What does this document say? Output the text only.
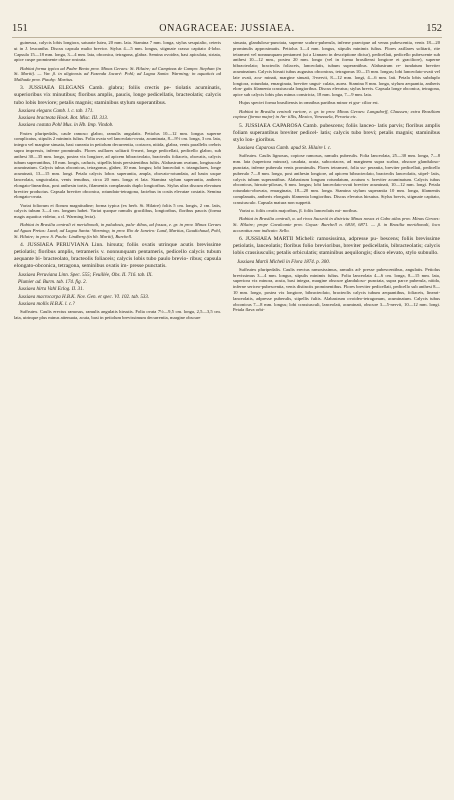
151	ONAGRACEAE: JUSSIAEA.	152

guineusa, calycis lobis longiora, saturate lutea, 20 mm. lata. Stamina 7 mm. longa, stylus sesquialto, ceteris ut in J. leucantha. Discus capsula multo brevior. Stylus 4—5 mm. longus, stigmate crasso capitato 4-lobo. Capsula 15—18 mm. longa, 3—4 mm. lata, obconica, tetragona, glabra. Semina ovoidea, basi apiculata, striata, apice cuspe prominente obtuse rostrata.

Habitat forma typica ad Padre Bento prov. Minas Geraes: St. Hilaire; ad Campinas de Campo: Stephan (in St. Martii). — Var. β. in uliginosis ad Fazenda Jacaré: Pohl; ad Lagoa Santa: Warming; in aquaticis ad Malhada prov. Piauhy: Martius.

3. JUSSIAEA ELEGANS Camb. glabra; foliis crectis pe- tiolatis acuminatis, superioribus vix minutibus; floribus amplis, paucis, longe pedicellatis, bracteolatis; calycis tubo lobis breviore; petalis magnis; staminibus stylum superantibus.

Jussiaea elegans Camb. l. c. tab. 171.

Jussiaea bracteata Hook. Bot. Misc. III. 313.

Jussiaea costata Pohl Mus. in Hb. Imp. Vindob.

Frutex pluripedalis, caule ramoso glabro, ramulis angulatis. Petiolus 10—12 mm. longus superne complicatus, stipulis 2 minimis fultus. Folia ovata vel lanceolato-ovata, acuminata, 8—9½ cm. longa, 3 cm. lata, integra vel margine sinuata, basi cuneata in petiolum decurrentia, coriacea, nitida, glabra, venis parallelis crebris supra impressis, inferne prominulis. Flores axillares solitarii 6-meri, longe pedicellati, pedicello glabro, sub anthesi 30—35 mm. longo, postea vix longiore, ad apicem bibracteolato, bracteolis foliaceis, obovatis, calycis tubum superantibus, 10 mm. longis, caducis, stipellis binis persistentibus fultis. Alabastrum ovatum, longiuscule acuminatum. Calycis tubus obconicus, tetragonus, glaber, 10 mm. longus; lobi lanceolati v. triangulares, longe acuminati, 13—15 mm. longi. Petala calycis lobos superantia, ampla, obovato-rotundata, ad basin usque lanceolata, unguiculata, venis tenuibus, circa 20 mm. longa et lata. Stamina stylum superantia, antheris elongato-linearibus, post anthesin tortis, filamentis complanatis duplo longioribus. Stylus ultra discum elevatum breviter productus. Capsula breviter obconica, rotundato-tetragona, faciebus in costis elevatae costatis. Semina elongato-ovata.

Variat foliorum et florum magnitudine; forma typica (ex herb. St. Hilaire) foliis 5 cm. longis, 2 cm. latis, calycis tubum 3—4 cm. longum habet. Variat quoque ramulis gracilibus, longioribus, floribus paucis (forma magis aquatica videtur, a cl. Warming lecta).

Habitat in Brasilia centrali et meridionali, in paludosis, palu- dibus, ad fossas, e. gr. in prov. Minas Geraes ad Aguas Pretas: Lund; ad Lagoa Santa: Warming; in prov. Rio de Janeiro: Lund, Martius, Gaudichaud, Pohl, St. Hilaire; in prov. S. Paulo: Lindberg (in hb. Martii), Burchell.

4. JUSSIAEA PERUVIANA Linn. hirsuta; foliis ovatis utrinque acutis brevissime petiolatis; floribus amplis, tetrameris v. nonnunquam pentameris, pedicello calycis tubum aequante bi- bracteolato, bracteolis foliaceis; calycis lobis tubo paulo brevio- ribus; capsula elongato-obconica, tetragona, seminibus ovatis im- presse punctatis.

Jussiaea Peruviana Linn. Spec. 555; Feuillée, Obs. II. 716. tab. IX.

Plumier ad. Burm. tab. 174. fig. 2.

Jussiaea hirta Vahl Eclog. II. 31.

Jussiaea macrocarpa H.B.K. Nov. Gen. et spec. VI. 102. tab. 533.

Jussiaea mollis H.B.K. l. c.?

Suffrutex. Caulis erectus ramosus, ramulis angulatis hirsutis. Folia ovata 7½—9,5 cm. longa, 2,5—3,5 cm. lata, utrinque plus minus attenuata, acuta, basi in petiolum brevissimum decurrentia, margine obscure

sinuata, glanduloso-punctata, superne scabro-puberula, inferne praecipue ad venas pubescentia, venis 18—20 prominulis approximatis. Petiolus 3—4 mm. longus, stipulis minimis fultus. Flores axillares solitarii, rite tetrameri vel nonnunquam pentameri (ut a Linnaeo in descriptione dictur), pedicellati, pedicello pubescente sub anthesi 10—12 mm., postea 20 mm. longo (vel in forma brasiliensi longiore et graciliore), superne bibracteolato; bracteolis foliaceis, lanceolatis, tubum superantibus. Alabastrum re- tundatum breviter acuminatum. Calycis hirsuti tubus augustus obconicus, tetragonus 10—15 mm. longus; lobi lanceolato-ovati vel late ovati, acu- minati, margine sinuati, 3-nervii, 8—12 mm. longi, 4—6 mm. lati. Petala lobis subduplo longiora, rotundata, emarginata, breviter ungui- culata, aurea. Stamina 8 mm. longa, stylum aequantia, antheris elon- gatis filamenta crassiuscula longioribus. Discus elevatus; stylus brevis. Capsula longe obconica, tetragona, apice sub calycis lobis plus minus constricta, 18 mm. longa, 7—9 mm. lata.

Hujus speciei forma brasiliensis in omnibus partibus minor et gra- cilior est.

Habitat in Brasilia centrali rariore, e. gr. in prov. Minas Geraes: Langsdorff, Claussen; extra Brasiliam copiose (forma major) in An- tillis, Mexico, Venezuela, Peruvia etc.

5. JUSSIAEA CAPAROSA Camb. pubescens; foliis lanceo- latis parvis; floribus amplis foliam superantibus breviter pedicel- latis; calycis tubo brevi; petalis magnis; staminibus stylo lon- gioribus.

Jussiaea Caparosa Camb. apud St. Hilaire l. c.

Suffrutex. Caulis lignosus, copiose ramosus, ramulis puberulis. Folia lanceolata, 25—30 mm. longa, 7—8 mm. lata (superiora minora), caudata, acuta, subcoriacea, ad marginem supra scabra, obscure glanduloso- punctata, inferne puberula venis prominulis. Flores tetrameri, folia su- perantia, breviter pedicellati, pedicello puberulo 7—8 mm. longo, post anthesin longiore, ad apicem bibracteolato, bracteolis lanceolatis, stipel- latis, calycis tubum superantibus. Alabastrum longum rotundatum, acutum v. breviter acuminatum. Calycis tubus obconicus, hirsuto-pilosus, 6 mm. longus; lobi lanceolato-ovati breviter acuminati, 10—12 mm. longi. Petala rotundato-obovata, emarginata, 18—20 mm. longa. Stamina stylum superantia 10 mm. longa, filamentis complanatis, antheris elongatis filamenta longioribus. Discus elevatus hirsutus. Stylus brevis, stigmate capitato, crassiusculo. Capsula matura non suppetit.

Variat α. foliis ovatis majoribus, β. foliis lanceolatis mi- noribus.

Habitat in Brasilia centrali, α. ad rivos Sucuriú in districtu Minas novas et Cabo atlas prov. Minas Geraes: St. Hilaire; prope Cavalcante prov. Goyaz: Burchell n. 6818, 6871. — β. in Brasilia meridionali, loco accuratius non indicato: Sello.

6. JUSSIAEA MARTII Micheli: ramosissima, adpresse pu- bescens; foliis brevissime petiolatis, lanceolatis; floribus folio brevioribus, breviter pedicellatis, bibracteolatis; calycis lobis crassiusculis; petalis orbiculatis; staminibus aequilongis; disco elevato, stylo subnullo.

Jussiaea Martii Micheli in Flora 1874. p. 300.

Suffrutex pluripedalis. Caulis erectus ramosissimus, ramulis ad- presse pubescentibus, angulatis. Petiolus brevissimus 3—4 mm. longus, stipulis minimis fultus. Folia lanceolata 4—6 cm. longa, 8—15 mm. lata, superiora vix minora, acuta, basi integra, margine obscure glanduloso- punctata, supra parce puberula, nitida, inferne sericeo-pubescentia, venis distinctis prominentibus. Flores breviter pedicellati, pedicello sub anthesi 8—10 mm. longo, postea vix longiore, bibracteolato, bracteolis calycis tubum aequantibus, foliaceis, lineari-lanceolatis, adpresse puberulis, stipellis fultis. Alabastrum ovoideo-tetragonum, acuminatum. Calycis tubus obconicus 7—8 mm. longus; lobi crassiusculi, lanceolati, acuminati, obscure 3—5-nervii, 10—12 mm. longi. Petala flava orbi-
